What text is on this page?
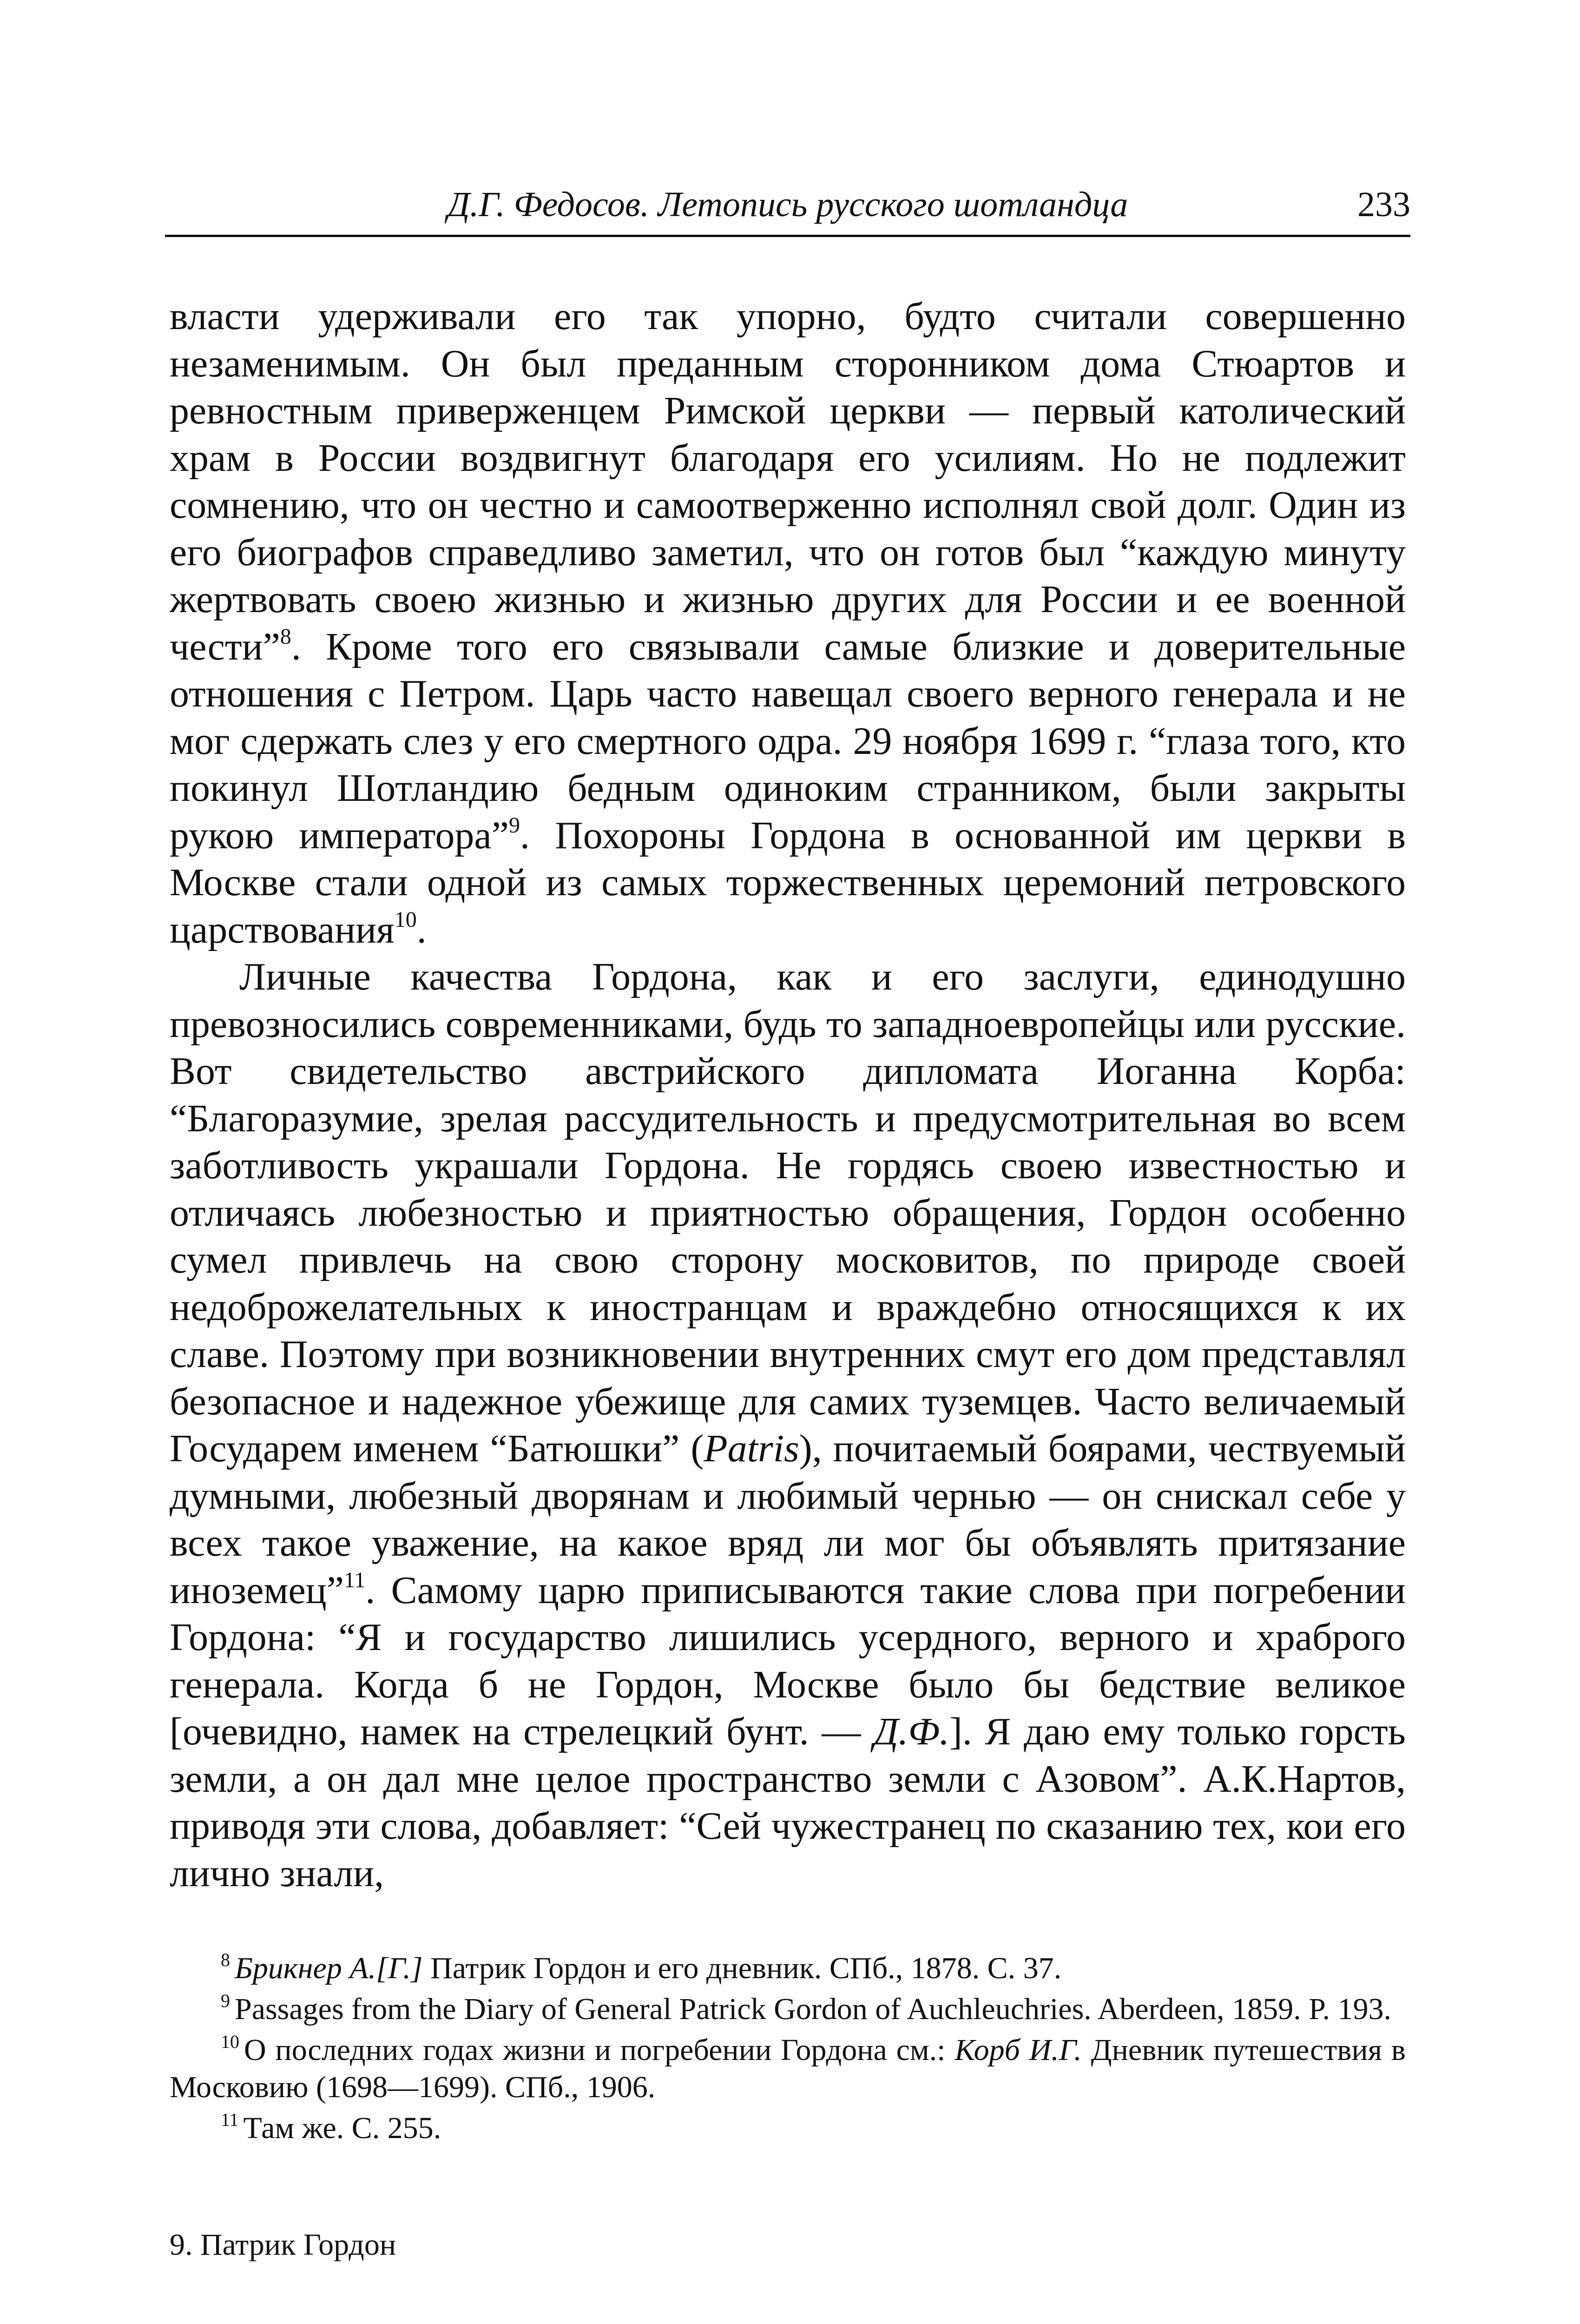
Д.Г. Федосов. Летопись русского шотландца	233

власти удерживали его так упорно, будто считали совершенно незаменимым. Он был преданным сторонником дома Стюартов и ревностным приверженцем Римской церкви — первый католический храм в России воздвигнут благодаря его усилиям. Но не подлежит сомнению, что он честно и самоотверженно исполнял свой долг. Один из его биографов справедливо заметил, что он готов был “каждую минуту жертвовать своею жизнью и жизнью других для России и ее военной чести”$^8$. Кроме того его связывали самые близкие и доверительные отношения с Петром. Царь часто навещал своего верного генерала и не мог сдержать слез у его смертного одра. 29 ноября 1699 г. “глаза того, кто покинул Шотландию бедным одиноким странником, были закрыты рукою императора”$^9$. Похороны Гордона в основанной им церкви в Москве стали одной из самых торжественных церемоний петровского царствования$^{10}$.

Личные качества Гордона, как и его заслуги, единодушно превозносились современниками, будь то западноевропейцы или русские. Вот свидетельство австрийского дипломата Иоганна Корба: “Благоразумие, зрелая рассудительность и предусмотрительная во всем заботливость украшали Гордона. Не гордясь своею известностью и отличаясь любезностью и приятностью обращения, Гордон особенно сумел привлечь на свою сторону московитов, по природе своей недоброжелательных к иностранцам и враждебно относящихся к их славе. Поэтому при возникновении внутренних смут его дом представлял безопасное и надежное убежище для самих туземцев. Часто величаемый Государем именем “Батюшки” (Patris), почитаемый боярами, чествуемый думными, любезный дворянам и любимый чернью — он снискал себе у всех такое уважение, на какое вряд ли мог бы объявлять притязание иноземец”$^{11}$. Самому царю приписываются такие слова при погребении Гордона: “Я и государство лишились усердного, верного и храброго генерала. Когда б не Гордон, Москве было бы бедствие великое [очевидно, намек на стрелецкий бунт. — Д.Ф.]. Я даю ему только горсть земли, а он дал мне целое пространство земли с Азовом”. А.К.Нартов, приводя эти слова, добавляет: “Сей чужестранец по сказанию тех, кои его лично знали,

$^8$ Брикнер А.[Г.] Патрик Гордон и его дневник. СПб., 1878. С. 37.

$^9$ Passages from the Diary of General Patrick Gordon of Auchleuchries. Aberdeen, 1859. P. 193.

$^{10}$ О последних годах жизни и погребении Гордона см.: Корб И.Г. Дневник путешествия в Московию (1698—1699). СПб., 1906.

$^{11}$ Там же. С. 255.

9. Патрик Гордон
